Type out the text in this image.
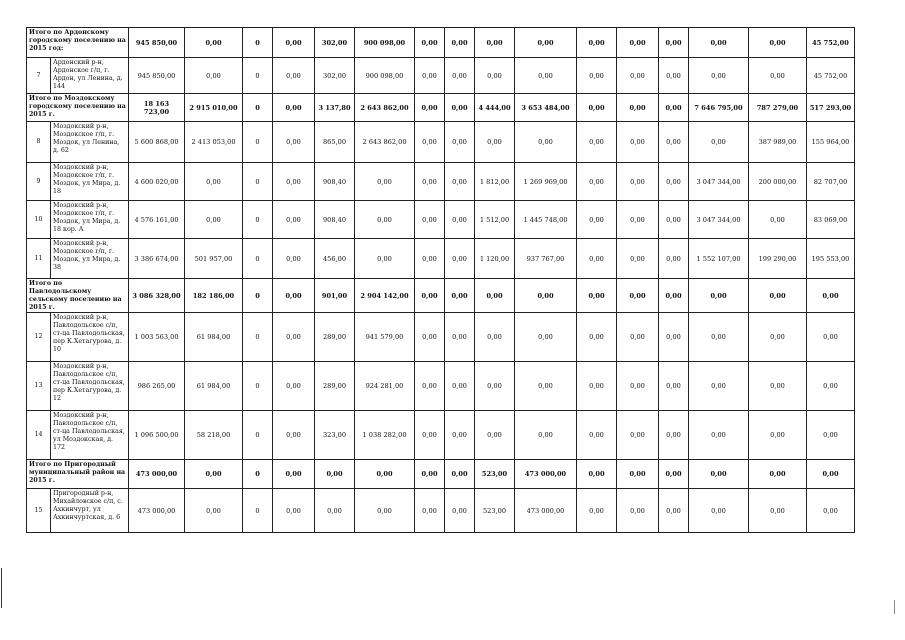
Итого по Ардонскому городскому поселению на 2015 год:		945 850,00	0,00	0	0,00	302,00	900 098,00	0,00	0,00	0,00	0,00	0,00	0,00	0,00	0,00	0,00	45 752,00
7	Ардонский р-н, Ардонское г/п, г. Ардон, ул Ленина, д. 144	945 850,00	0,00	0	0,00	302,00	900 098,00	0,00	0,00	0,00	0,00	0,00	0,00	0,00	0,00	0,00	45 752,00
Итого по Моздокскому городскому поселению на 2015 г.		18 163 723,00	2 915 010,00	0	0,00	3 137,80	2 643 862,00	0,00	0,00	4 444,00	3 653 484,00	0,00	0,00	0,00	7 646 795,00	787 279,00	517 293,00
8	Моздокский р-н, Моздокское г/п, г. Моздок, ул Ленина, д. 62	5 600 868,00	2 413 053,00	0	0,00	865,00	2 643 862,00	0,00	0,00	0,00	0,00	0,00	0,00	0,00	0,00	387 989,00	155 964,00
9	Моздокский р-н, Моздокское г/п, г. Моздок, ул Мира, д. 18	4 600 020,00	0,00	0	0,00	908,40	0,00	0,00	0,00	1 812,00	1 269 969,00	0,00	0,00	0,00	3 047 344,00	200 000,00	82 707,00
10	Моздокский р-н, Моздокское г/п, г. Моздок, ул Мира, д. 18 кор. А	4 576 161,00	0,00	0	0,00	908,40	0,00	0,00	0,00	1 512,00	1 445 748,00	0,00	0,00	0,00	3 047 344,00	0,00	83 069,00
11	Моздокский р-н, Моздокское г/п, г. Моздок, ул Мира, д. 38	3 386 674,00	501 957,00	0	0,00	456,00	0,00	0,00	0,00	1 120,00	937 767,00	0,00	0,00	0,00	1 552 107,00	199 290,00	195 553,00
Итого по Павлодольскому сельскому поселению на 2015 г.		3 086 328,00	182 186,00	0	0,00	901,00	2 904 142,00	0,00	0,00	0,00	0,00	0,00	0,00	0,00	0,00	0,00	0,00
12	Моздокский р-н, Павлодольское с/п, ст-ца Павлодольская, пер К.Хетагурова, д. 10	1 003 563,00	61 984,00	0	0,00	289,00	941 579,00	0,00	0,00	0,00	0,00	0,00	0,00	0,00	0,00	0,00	0,00
13	Моздокский р-н, Павлодольское с/п, ст-ца Павлодольская, пер К.Хетагурова, д. 12	986 265,00	61 984,00	0	0,00	289,00	924 281,00	0,00	0,00	0,00	0,00	0,00	0,00	0,00	0,00	0,00	0,00
14	Моздокский р-н, Павлодольское с/п, ст-ца Павлодольская, ул Моздокская, д. 172	1 096 500,00	58 218,00	0	0,00	323,00	1 038 282,00	0,00	0,00	0,00	0,00	0,00	0,00	0,00	0,00	0,00	0,00
Итого по Пригородный муниципальный район на 2015 г.		473 000,00	0,00	0	0,00	0,00	0,00	0,00	0,00	523,00	473 000,00	0,00	0,00	0,00	0,00	0,00	0,00
15	Пригородный р-н, Михайловское с/п, с. Ахкинчурт, ул Ахкинчуртская, д. 6	473 000,00	0,00	0	0,00	0,00	0,00	0,00	0,00	523,00	473 000,00	0,00	0,00	0,00	0,00	0,00	0,00
